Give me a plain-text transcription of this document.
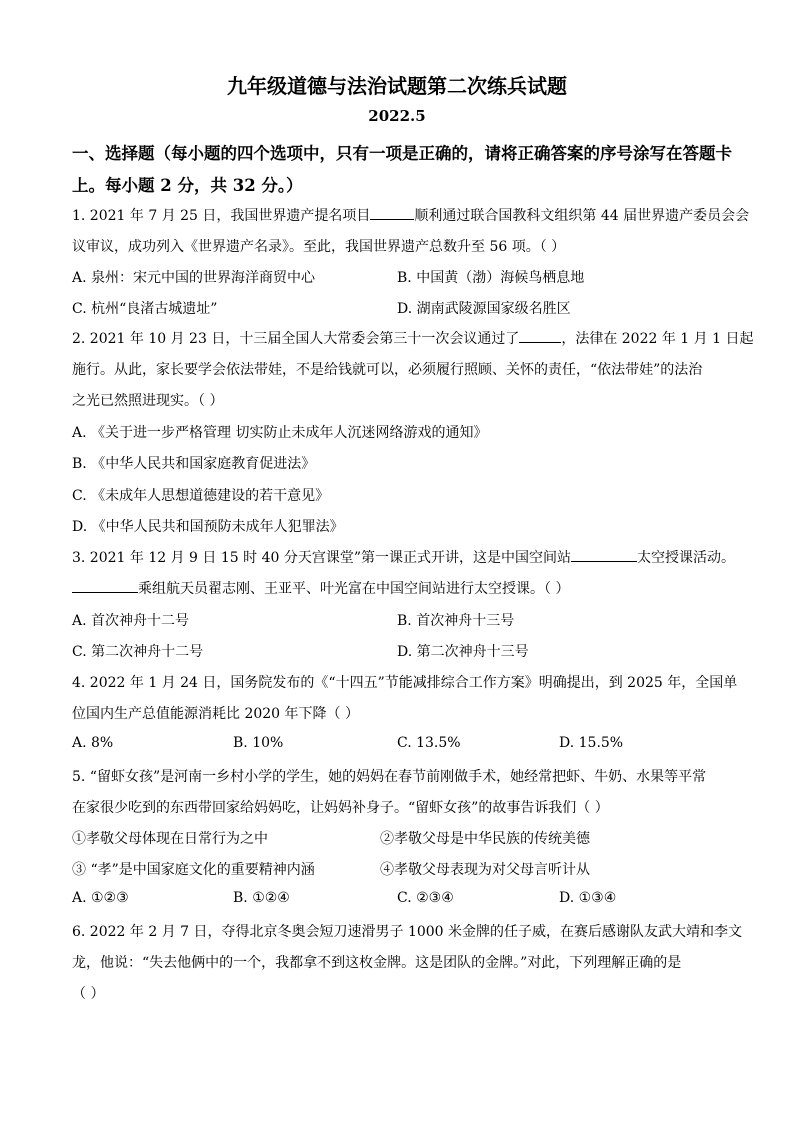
九年级道德与法治试题第二次练兵试题
2022.5
一、选择题（每小题的四个选项中，只有一项是正确的，请将正确答案的序号涂写在答题卡
上。每小题 2 分，共 32 分。）
1. 2021 年 7 月 25 日，我国世界遗产提名项目	顺利通过联合国教科文组织第 44 届世界遗产委员会会
议审议，成功列入《世界遗产名录》。至此，我国世界遗产总数升至 56 项。（ ）
A. 泉州：宋元中国的世界海洋商贸中心	B. 中国黄（渤）海候鸟栖息地
C. 杭州“良渚古城遗址”	D. 湖南武陵源国家级名胜区
2. 2021 年 10 月 23 日，十三届全国人大常委会第三十一次会议通过了	，法律在 2022 年 1 月 1 日起
施行。从此，家长要学会依法带娃，不是给钱就可以，必须履行照顾、关怀的责任，“依法带娃”的法治
之光已然照进现实。（ ）
A. 《关于进一步严格管理 切实防止未成年人沉迷网络游戏的通知》
B. 《中华人民共和国家庭教育促进法》
C. 《未成年人思想道德建设的若干意见》
D. 《中华人民共和国预防未成年人犯罪法》
3. 2021 年 12 月 9 日 15 时 40 分天宫课堂”第一课正式开讲，这是中国空间站	太空授课活动。
乘组航天员翟志刚、王亚平、叶光富在中国空间站进行太空授课。（ ）
A. 首次神舟十二号	B. 首次神舟十三号
C. 第二次神舟十二号	D. 第二次神舟十三号
4. 2022 年 1 月 24 日，国务院发布的《“十四五”节能减排综合工作方案》明确提出，到 2025 年，全国单
位国内生产总值能源消耗比 2020 年下降（ ）
A. 8%	B. 10%	C. 13.5%	D. 15.5%
5. “留虾女孩”是河南一乡村小学的学生，她的妈妈在春节前刚做手术，她经常把虾、牛奶、水果等平常
在家很少吃到的东西带回家给妈妈吃，让妈妈补身子。“留虾女孩”的故事告诉我们（ ）
①孝敬父母体现在日常行为之中	②孝敬父母是中华民族的传统美德
③ “孝”是中国家庭文化的重要精神内涵	④孝敬父母表现为对父母言听计从
A. ①②③	B. ①②④	C. ②③④	D. ①③④
6. 2022 年 2 月 7 日，夺得北京冬奥会短刀速滑男子 1000 米金牌的任子威，在赛后感谢队友武大靖和李文
龙，他说：“失去他俩中的一个，我都拿不到这枚金牌。这是团队的金牌。”对此，下列理解正确的是
（ ）
